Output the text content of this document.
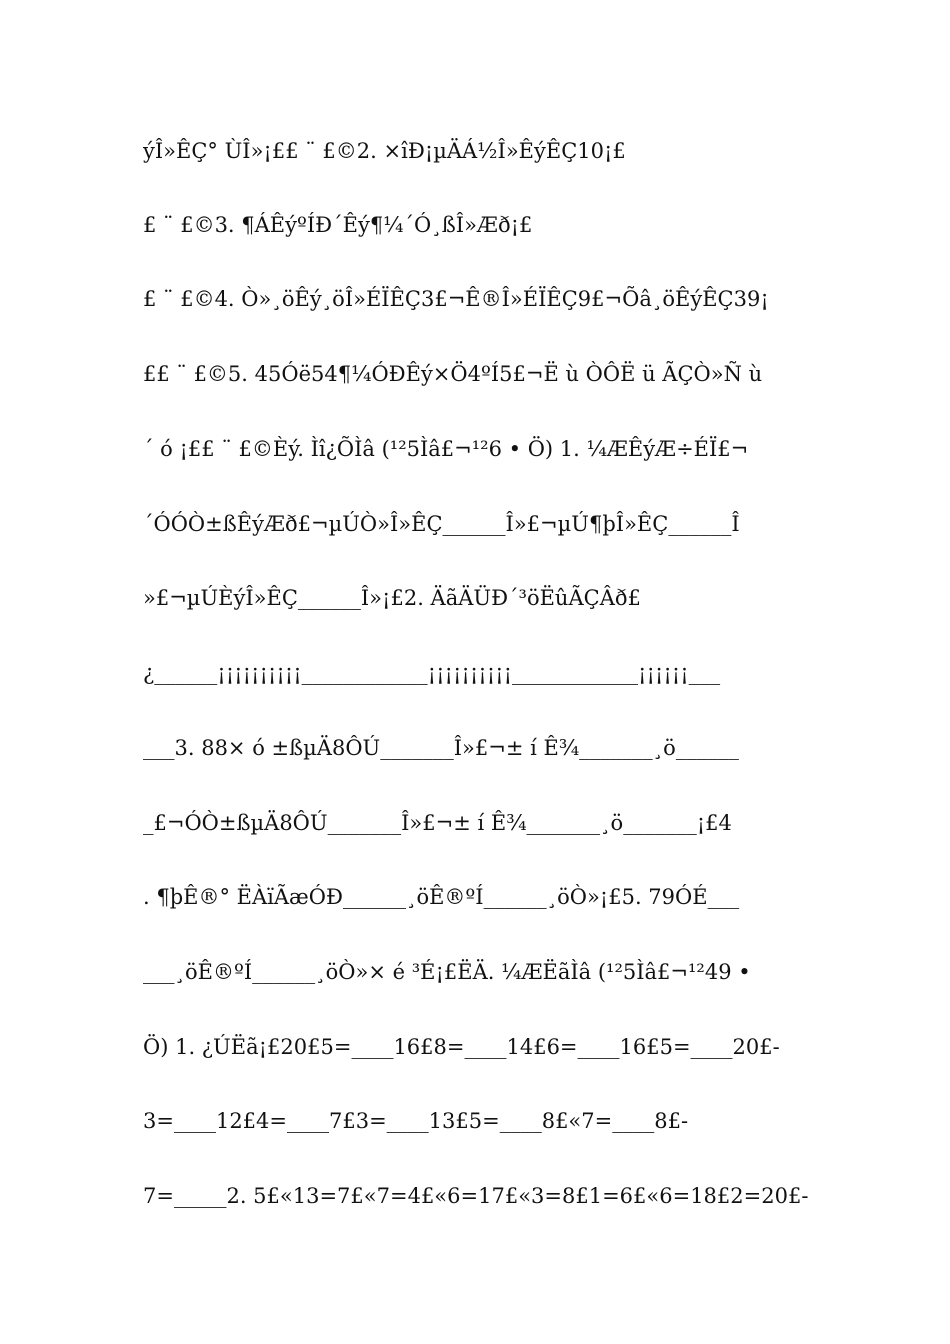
ýÎ»ÊÇ° ÙÎ»¡££ ¨ £©2. ×îÐ¡µÄÁ½Î»ÊýÊÇ10¡£
£ ¨ £©3. ¶ÁÊýºÍÐ´Êý¶¼´Ó¸ßÎ»Æð¡£
£ ¨ £©4. Ò»¸öÊý¸öÎ»ÉÏÊÇ3£¬Ê®Î»ÉÏÊÇ9£¬Õâ¸öÊýÊÇ39¡
££ ¨ £©5. 45Óë54¶¼ÓÐÊý×Ö4ºÍ5£¬Ë ù ÒÔË ü ÃÇÒ»Ñ ù
´ ó ¡££ ¨ £©Èý. Ìî¿ÕÌâ (¹²5Ìâ£¬¹²6 • Ö) 1. ¼ÆÊýÆ÷ÉÏ£¬
´ÓÓÒ±ßÊýÆð£¬µÚÒ»Î»ÊÇ______Î»£¬µÚ¶þÎ»ÊÇ______Î
»£¬µÚÈýÎ»ÊÇ______Î»¡£2. ÄãÄÜÐ´³öËûÃÇÂð£
¿______¡¡¡¡¡¡¡¡¡¡____________¡¡¡¡¡¡¡¡¡¡____________¡¡¡¡¡¡___
___3. 88× ó ±ßµÄ8ÔÚ_______Î»£¬± í Ê¾_______¸ö______
_£¬ÓÒ±ßµÄ8ÔÚ_______Î»£¬± í Ê¾_______¸ö_______¡£4
. ¶þÊ®° ËÀïÃæÓÐ______¸öÊ®ºÍ______¸öÒ»¡£5. 79ÓÉ___
___¸öÊ®ºÍ______¸öÒ»× é ³É¡£ËÄ. ¼ÆËãÌâ (¹²5Ìâ£¬¹²49 •
Ö) 1. ¿ÚËã¡£20£5=____16£8=____14£6=____16£5=____20£-
3=____12£4=____7£3=____13£5=____8£«7=____8£-
7=_____2. 5£«13=7£«7=4£«6=17£«3=8£1=6£«6=18£2=20£-
